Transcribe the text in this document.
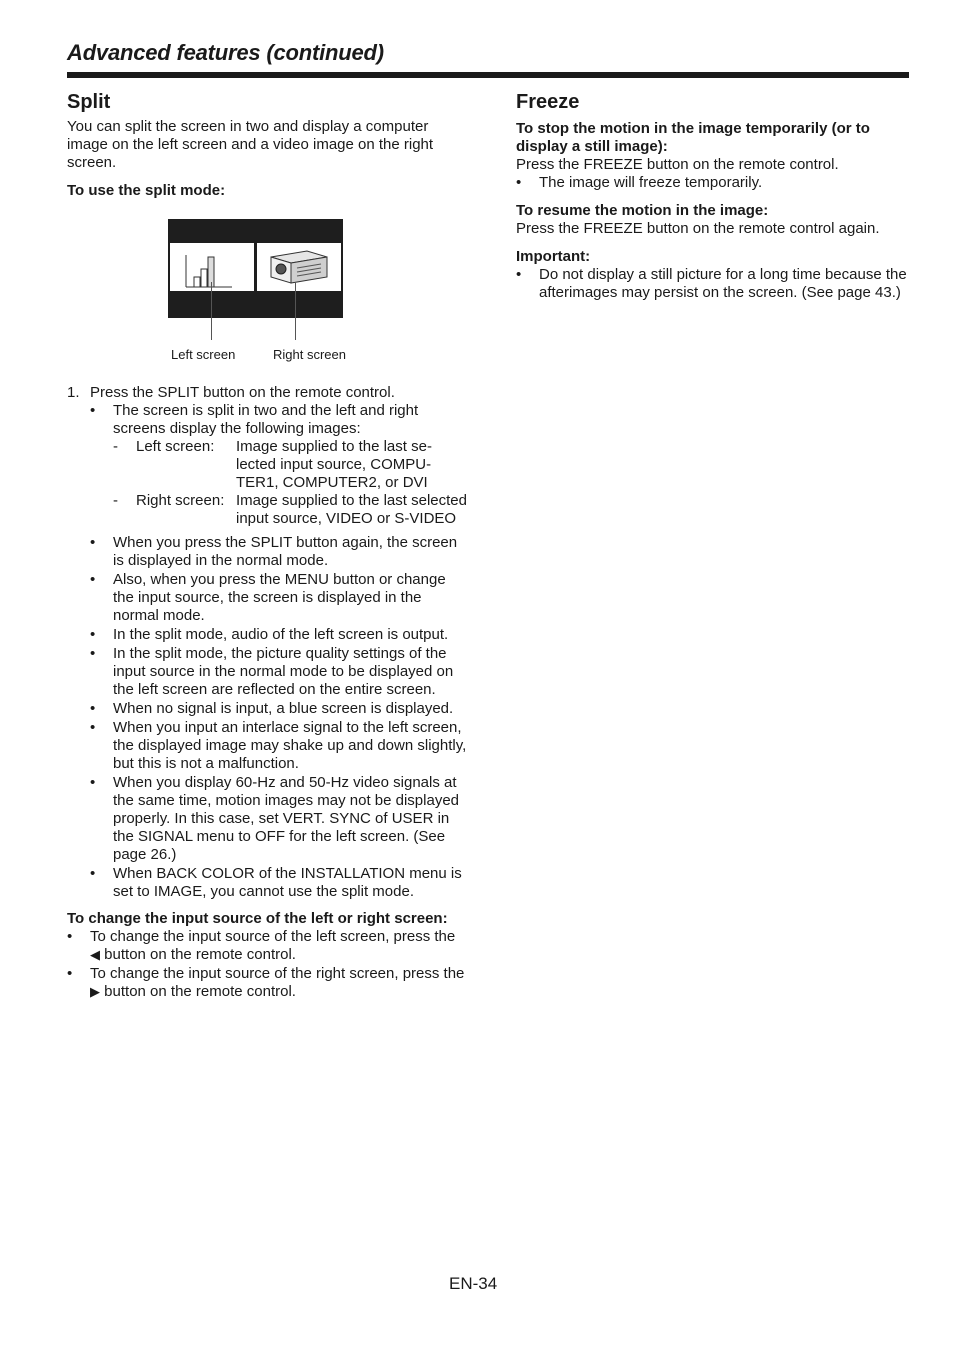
Advanced features (continued)
Split

You can split the screen in two and display a computer image on the left screen and a video image on the right screen.

To use the split mode:

Left screen	Right screen
1. Press the SPLIT button on the remote control.
• The screen is split in two and the left and right screens display the following images:
-	Left screen:	Image supplied to the last se-lected input source, COMPU-TER1, COMPUTER2, or DVI
-	Right screen: Image supplied to the last selected input source, VIDEO or S-VIDEO
• When you press the SPLIT button again, the screen is displayed in the normal mode.
• Also, when you press the MENU button or change the input source, the screen is displayed in the normal mode.
• In the split mode, audio of the left screen is output.
• In the split mode, the picture quality settings of the input source in the normal mode to be displayed on the left screen are reflected on the entire screen.
• When no signal is input, a blue screen is displayed.
• When you input an interlace signal to the left screen, the displayed image may shake up and down slightly, but this is not a malfunction.
• When you display 60-Hz and 50-Hz video signals at the same time, motion images may not be displayed properly. In this case, set VERT. SYNC of USER in the SIGNAL menu to OFF for the left screen. (See page 26.)
• When BACK COLOR of the INSTALLATION menu is set to IMAGE, you cannot use the split mode.

To change the input source of the left or right screen:

• To change the input source of the left screen, press the ◀ button on the remote control.
• To change the input source of the right screen, press the ▶ button on the remote control.
Freeze

To stop the motion in the image temporarily (or to display a still image):

Press the FREEZE button on the remote control.

• The image will freeze temporarily.

To resume the motion in the image:

Press the FREEZE button on the remote control again.

Important:

• Do not display a still picture for a long time because the afterimages may persist on the screen. (See page 43.)
EN-34
